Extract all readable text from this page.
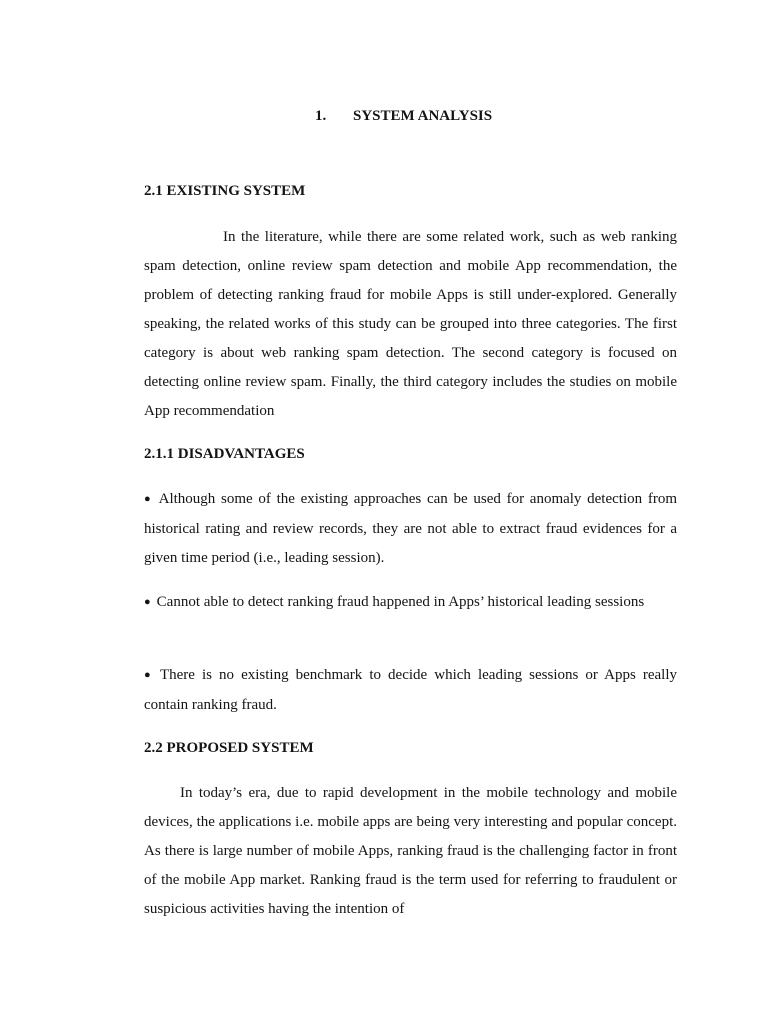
1. SYSTEM ANALYSIS
2.1 EXISTING SYSTEM

In the literature, while there are some related work, such as web ranking spam detection, online review spam detection and mobile App recommendation, the problem of detecting ranking fraud for mobile Apps is still under-explored. Generally speaking, the related works of this study can be grouped into three categories. The first category is about web ranking spam detection. The second category is focused on detecting online review spam. Finally, the third category includes the studies on mobile App recommendation

2.1.1 DISADVANTAGES

● Although some of the existing approaches can be used for anomaly detection from historical rating and review records, they are not able to extract fraud evidences for a given time period (i.e., leading session).

● Cannot able to detect ranking fraud happened in Apps’ historical leading sessions

● There is no existing benchmark to decide which leading sessions or Apps really contain ranking fraud.

2.2 PROPOSED SYSTEM

In today’s era, due to rapid development in the mobile technology and mobile devices, the applications i.e. mobile apps are being very interesting and popular concept. As there is large number of mobile Apps, ranking fraud is the challenging factor in front of the mobile App market. Ranking fraud is the term used for referring to fraudulent or suspicious activities having the intention of
